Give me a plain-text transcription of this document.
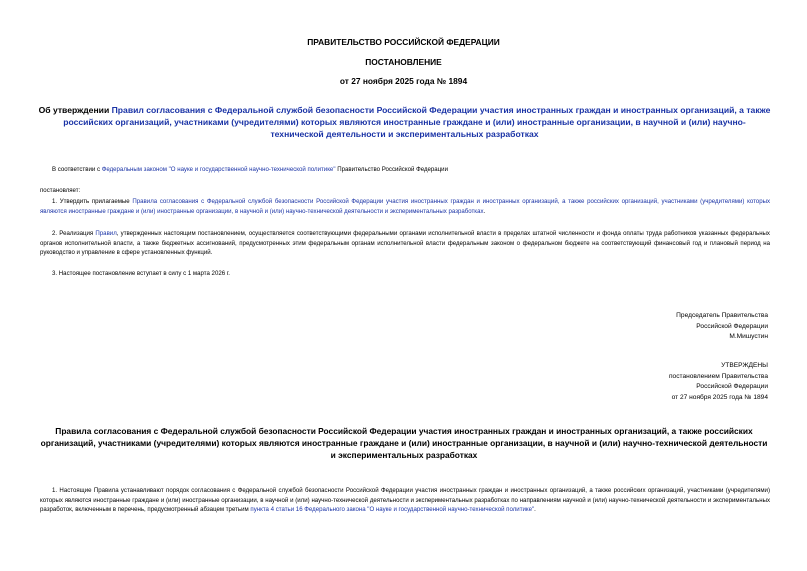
ПРАВИТЕЛЬСТВО РОССИЙСКОЙ ФЕДЕРАЦИИ
ПОСТАНОВЛЕНИЕ
от 27 ноября 2025 года № 1894
Об утверждении Правил согласования с Федеральной службой безопасности Российской Федерации участия иностранных граждан и иностранных организаций, а также российских организаций, участниками (учредителями) которых являются иностранные граждане и (или) иностранные организации, в научной и (или) научно-технической деятельности и экспериментальных разработках
В соответствии с Федеральным законом "О науке и государственной научно-технической политике" Правительство Российской Федерации
постановляет:
1. Утвердить прилагаемые Правила согласования с Федеральной службой безопасности Российской Федерации участия иностранных граждан и иностранных организаций, а также российских организаций, участниками (учредителями) которых являются иностранные граждане и (или) иностранные организации, в научной и (или) научно-технической деятельности и экспериментальных разработках.
2. Реализация Правил, утвержденных настоящим постановлением, осуществляется соответствующими федеральными органами исполнительной власти в пределах штатной численности и фонда оплаты труда работников указанных федеральных органов исполнительной власти, а также бюджетных ассигнований, предусмотренных этим федеральным органам исполнительной власти федеральным законом о федеральном бюджете на соответствующий финансовый год и плановый период на руководство и управление в сфере установленных функций.
3. Настоящее постановление вступает в силу с 1 марта 2026 г.
Председатель Правительства
Российской Федерации
М.Мишустин
УТВЕРЖДЕНЫ
постановлением Правительства
Российской Федерации
от 27 ноября 2025 года № 1894
Правила согласования с Федеральной службой безопасности Российской Федерации участия иностранных граждан и иностранных организаций, а также российских организаций, участниками (учредителями) которых являются иностранные граждане и (или) иностранные организации, в научной и (или) научно-технической деятельности и экспериментальных разработках
1. Настоящие Правила устанавливают порядок согласования с Федеральной службой безопасности Российской Федерации участия иностранных граждан и иностранных организаций, а также российских организаций, участниками (учредителями) которых являются иностранные граждане и (или) иностранные организации, в научной и (или) научно-технической деятельности и экспериментальных разработках по направлениям научной и (или) научно-технической деятельности и экспериментальных разработок, включенным в перечень, предусмотренный абзацем третьим пункта 4 статьи 16 Федерального закона "О науке и государственной научно-технической политике".
